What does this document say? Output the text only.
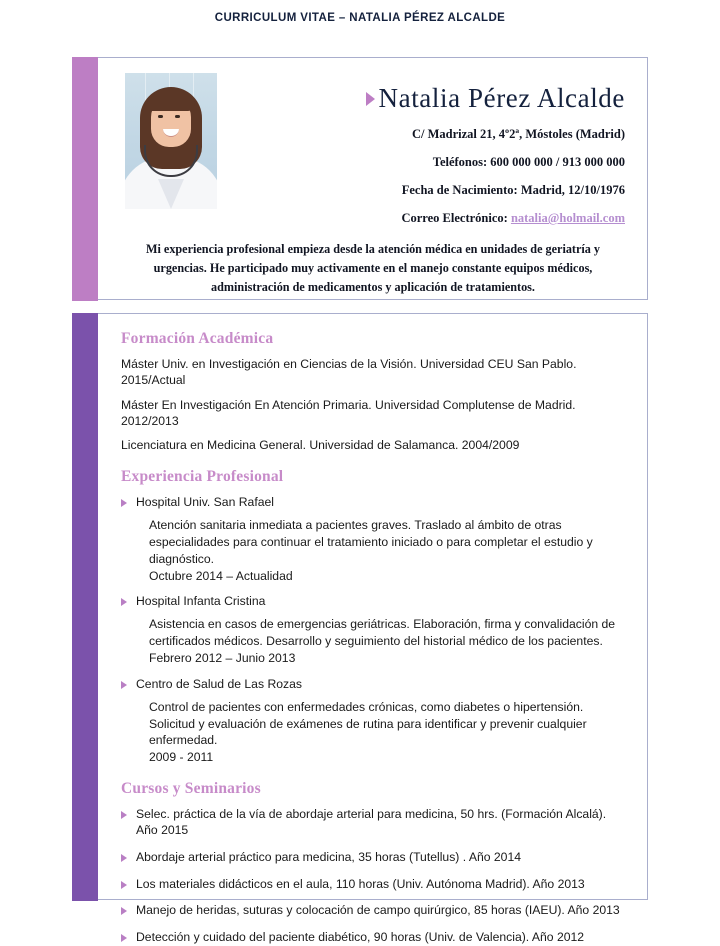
CURRICULUM VITAE – NATALIA PÉREZ ALCALDE
Natalia Pérez Alcalde
C/ Madrizal 21, 4º2ª, Móstoles (Madrid)
Teléfonos: 600 000 000 / 913 000 000
Fecha de Nacimiento: Madrid, 12/10/1976
Correo Electrónico: natalia@holmail.com
Mi experiencia profesional empieza desde la atención médica en unidades de geriatría y urgencias. He participado muy activamente en el manejo constante equipos médicos, administración de medicamentos y aplicación de tratamientos.
Formación Académica
Máster Univ. en Investigación en Ciencias de la Visión. Universidad CEU San Pablo. 2015/Actual
Máster En Investigación En Atención Primaria. Universidad Complutense de Madrid. 2012/2013
Licenciatura en Medicina General. Universidad de Salamanca. 2004/2009
Experiencia Profesional
Hospital Univ. San Rafael
Atención sanitaria inmediata a pacientes graves. Traslado al ámbito de otras especialidades para continuar el tratamiento iniciado o para completar el estudio y diagnóstico.
Octubre 2014 – Actualidad
Hospital Infanta Cristina
Asistencia en casos de emergencias geriátricas. Elaboración, firma y convalidación de certificados médicos. Desarrollo y seguimiento del historial médico de los pacientes.
Febrero 2012 – Junio 2013
Centro de Salud de Las Rozas
Control de pacientes con enfermedades crónicas, como diabetes o hipertensión. Solicitud y evaluación de exámenes de rutina para identificar y prevenir cualquier enfermedad.
2009 - 2011
Cursos y Seminarios
Selec. práctica de la vía de abordaje arterial para medicina, 50 hrs. (Formación Alcalá). Año 2015
Abordaje arterial práctico para medicina, 35 horas (Tutellus) . Año 2014
Los materiales didácticos en el aula, 110 horas (Univ. Autónoma Madrid). Año 2013
Manejo de heridas, suturas y colocación de campo quirúrgico, 85 horas (IAEU). Año 2013
Detección y cuidado del paciente diabético, 90 horas (Univ. de Valencia). Año 2012
